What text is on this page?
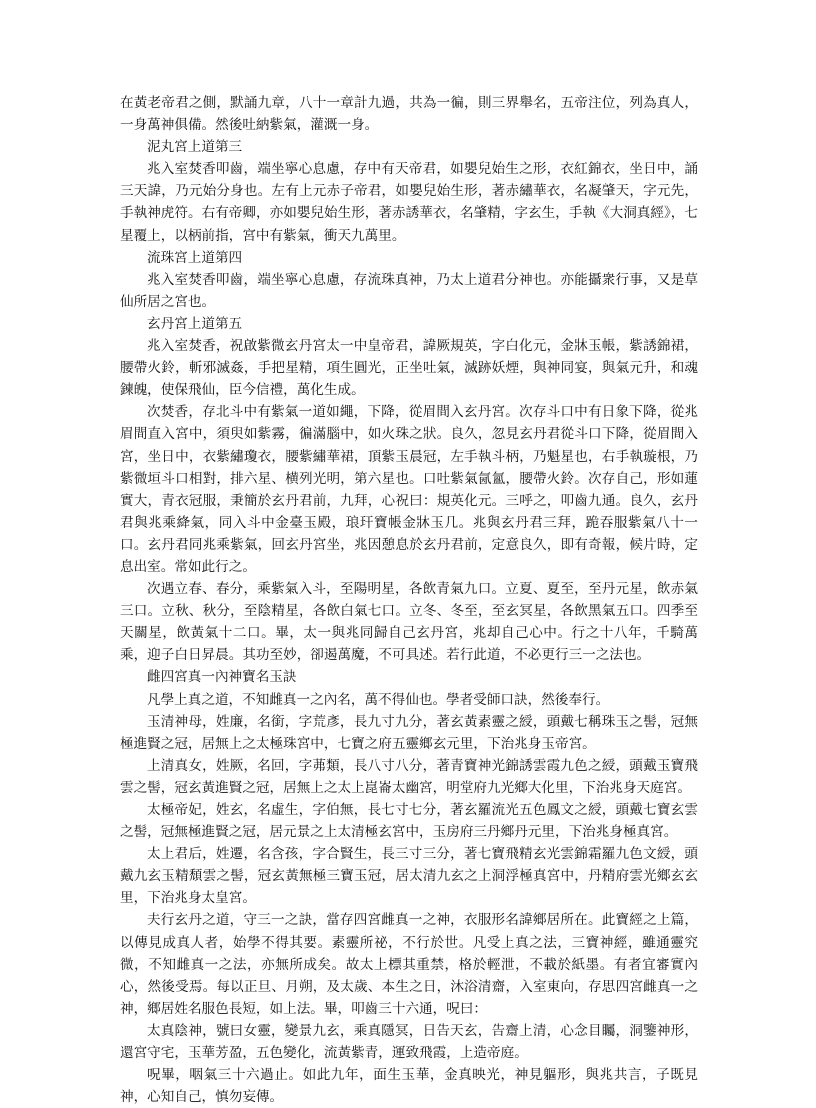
在黃老帝君之側，默誦九章，八十一章計九過，共為一徧，則三界舉名，五帝注位，列為真人，一身萬神俱備。然後吐納紫氣，灌溉一身。

泥丸宮上道第三

兆入室焚香叩齒，端坐寧心息慮，存中有天帝君，如嬰兒始生之形，衣紅錦衣，坐日中，誦三天諱，乃元始分身也。左有上元赤子帝君，如嬰兒始生形，著赤繡華衣，名凝肇天，字元先，手執神虎符。右有帝卿，亦如嬰兒始生形，著赤誘華衣，名肇精，字玄生，手執《大洞真經》，七星覆上，以柄前指，宮中有紫氣，衝天九萬里。

流珠宮上道第四

兆入室焚香叩齒，端坐寧心息慮，存流珠真神，乃太上道君分神也。亦能攝衆行事，又是草仙所居之宮也。

玄丹宮上道第五

兆入室焚香，祝啟紫微玄丹宮太一中皇帝君，諱厥規英，字白化元，金牀玉帳，紫誘錦裙，腰帶火鈴，斬邪滅姦，手把星精，項生圓光，正坐吐氣，滅跡妖煙，與神同宴，與氣元升，和魂鍊魄，使保飛仙，臣今信禮，萬化生成。

次焚香，存北斗中有紫氣一道如繩，下降，從眉間入玄丹宮。次存斗口中有日象下降，從兆眉間直入宮中，須臾如紫霧，徧滿腦中，如火珠之狀。良久，忽見玄丹君從斗口下降，從眉間入宮，坐日中，衣紫繡瓊衣，腰紫繡華裙，頂紫玉晨冠，左手執斗柄，乃魁星也，右手執璇根，乃紫微垣斗口相對，排六星、横列光明，第六星也。口吐紫氣氤氳，腰帶火鈴。次存自己，形如蓮實大，青衣冠服，秉簡於玄丹君前，九拜，心祝曰：規英化元。三呼之，叩齒九通。良久，玄丹君與兆乘絳氣，同入斗中金臺玉殿，琅玕寶帳金牀玉几。兆與玄丹君三拜，跪吞服紫氣八十一口。玄丹君同兆乘紫氣，回玄丹宮坐，兆因憩息於玄丹君前，定意良久，即有奇報，候片時，定息出室。常如此行之。

次遇立春、春分，乘紫氣入斗，至陽明星，各飲青氣九口。立夏、夏至，至丹元星，飲赤氣三口。立秋、秋分，至陰精星，各飲白氣七口。立冬、冬至，至玄冥星，各飲黑氣五口。四季至天關星，飲黃氣十二口。畢，太一與兆同歸自己玄丹宮，兆却自己心中。行之十八年，千騎萬乘，迎子白日昇晨。其功至妙，卻遏萬魔，不可具述。若行此道，不必更行三一之法也。

雌四宮真一內神寶名玉訣

凡學上真之道，不知雌真一之內名，萬不得仙也。學者受師口訣，然後奉行。

玉清神母，姓廉，名銜，字荒彥，長九寸九分，著玄黃素靈之綬，頭戴七稱珠玉之髻，冠無極進賢之冠，居無上之太極珠宮中，七寶之府五靈鄉玄元里，下治兆身玉帝宮。

上清真女，姓厥，名回，字茀類，長八寸八分，著青寶神光錦誘雲霞九色之綬，頭戴玉寶飛雲之髻，冠玄黃進賢之冠，居無上之太上崑崙太幽宮，明堂府九光鄉大化里，下治兆身天庭宮。

太極帝妃，姓玄，名虛生，字伯無，長七寸七分，著玄羅流光五色鳳文之綬，頭戴七寶玄雲之髻，冠無極進賢之冠，居元景之上太清極玄宮中，玉房府三丹鄉丹元里，下治兆身極真宮。

太上君后，姓遷，名含孩，字合賢生，長三寸三分，著七寶飛精玄光雲錦霜羅九色文綬，頭戴九玄玉精頹雲之髻，冠玄黃無極三寶玉冠，居太清九玄之上洞浮極真宮中，丹精府雲光鄉玄玄里，下治兆身太皇宮。

夫行玄丹之道，守三一之訣，當存四宮雌真一之神，衣服形名諱鄉居所在。此寶經之上篇，以傳見成真人者，始學不得其要。素靈所祕，不行於世。凡受上真之法，三寶神經，雖通靈究微，不知雌真一之法，亦無所成矣。故太上標其重禁，格於輕泄，不載於紙墨。有者宜審實內心，然後受焉。每以正旦、月朔，及太歲、本生之日，沐浴清齋，入室東向，存思四宮雌真一之神，鄉居姓名服色長短，如上法。畢，叩齒三十六通，呪曰：

太真陰神，號曰女靈，變景九玄，乘真隱冥，日告天玄，告齋上清，心念目矚，洞鑒神形，還宮守宅，玉華芳盈，五色變化，流黃紫青，運致飛霞，上造帝庭。

呪畢，咽氣三十六過止。如此九年，面生玉華，金真映光，神見軀形，與兆共言，子既見神，心知自己，慎勿妄傳。
